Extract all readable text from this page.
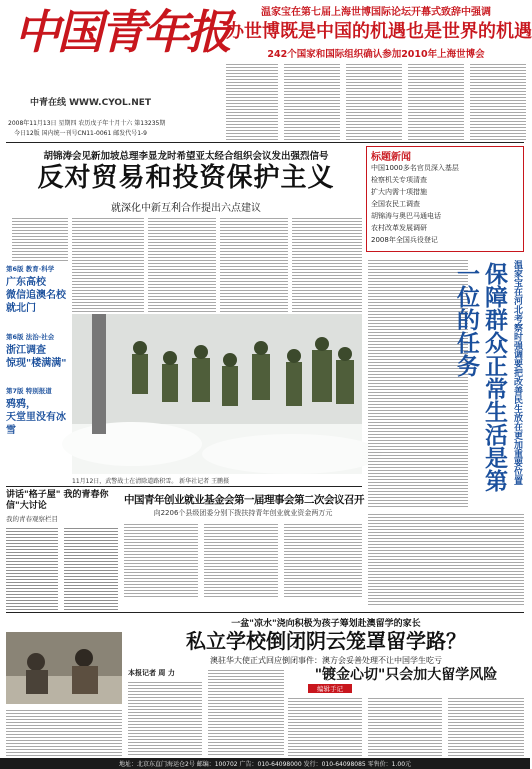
中国青年报
中青在线 WWW.CYOL.NET
2008年11月13日 星期四 农历戊子年十月十六 第13235期
今日12版 国内统一刊号CN11-0061 邮发代号1-9
温家宝在第七届上海世博国际论坛开幕式致辞中强调
办世博既是中国的机遇也是世界的机遇
242个国家和国际组织确认参加2010年上海世博会
胡锦涛会见新加坡总理李显龙时希望亚太经合组织会议发出强烈信号
反对贸易和投资保护主义
就深化中新互利合作提出六点建议
第6版 教育·科学
广东高校
微信追澳名校
就北门
第6版 法治·社会
浙江调查
惊现"楼满满"
第7版 特别报道
鸦鸦，
天堂里没有冰雪
11月12日，武警战士在清除道路积雪。 新华社记者 王鹏摄
标题新闻
中国1000多名官员深入基层
检察机关专项清查
扩大内需十项措施
全国农民工调查
胡锦涛与奥巴马通电话
农村改革发展调研
2008年全国兵役登记
温家宝在河北考察时强调要把改善民生放在更加重要位置
保障群众正常生活是第一位的任务
讲话"格子屋" 我的青春你信"大讨论
我的青春观察栏目
中国青年创业就业基金会第一届理事会第二次会议召开
向2206个县级团委分别下拨扶持青年创业就业资金两万元
一盆"凉水"浇向积极为孩子筹划赴澳留学的家长
私立学校倒闭阴云笼罩留学路？
澳驻华大使正式回应倒闭事件：澳方会妥善处理不让中国学生吃亏
本报记者 周 力	"镀金心切"只会加大留学风险
编辑手记
地址：北京东直门海运仓2号 邮编：100702 广告：010-64098000 发行：010-64098085 零售价：1.00元
